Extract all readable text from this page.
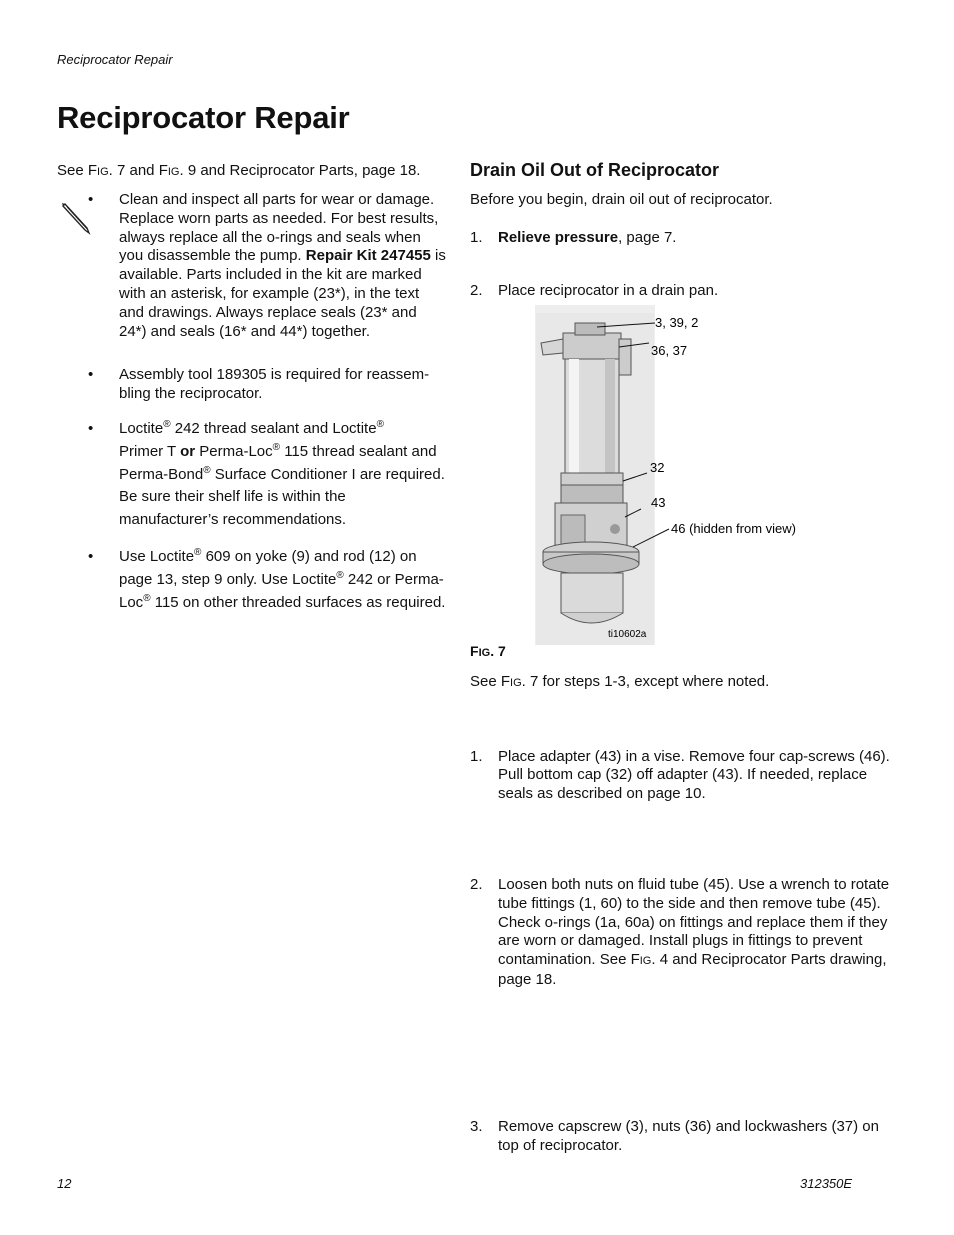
Reciprocator Repair
Reciprocator Repair
See FIG. 7 and FIG. 9 and Reciprocator Parts, page 18.
• Clean and inspect all parts for wear or damage. Replace worn parts as needed. For best results, always replace all the o-rings and seals when you disassemble the pump. Repair Kit 247455 is available. Parts included in the kit are marked with an asterisk, for example (23*), in the text and drawings. Always replace seals (23* and 24*) and seals (16* and 44*) together.
• Assembly tool 189305 is required for reassem-bling the reciprocator.
• Loctite® 242 thread sealant and Loctite®
Primer T or Perma-Loc® 115 thread sealant and Perma-Bond® Surface Conditioner I are required. Be sure their shelf life is within the manufacturer’s recommendations.
• Use Loctite® 609 on yoke (9) and rod (12) on page 13, step 9 only. Use Loctite® 242 or Perma-Loc® 115 on other threaded surfaces as required.
Drain Oil Out of Reciprocator
Before you begin, drain oil out of reciprocator.
1. Relieve pressure, page 7.
2. Place reciprocator in a drain pan.
3, 39, 2
36, 37
32
43
46 (hidden from view)
ti10602a
FIG. 7
See FIG. 7 for steps 1-3, except where noted.
1. Place adapter (43) in a vise. Remove four cap-screws (46). Pull bottom cap (32) off adapter (43). If needed, replace seals as described on page 10.
2. Loosen both nuts on fluid tube (45). Use a wrench to rotate tube fittings (1, 60) to the side and then remove tube (45). Check o-rings (1a, 60a) on fittings and replace them if they are worn or damaged. Install plugs in fittings to prevent contamination. See FIG. 4 and Reciprocator Parts drawing, page 18.
3. Remove capscrew (3), nuts (36) and lockwashers (37) on top of reciprocator.
12	312350E
